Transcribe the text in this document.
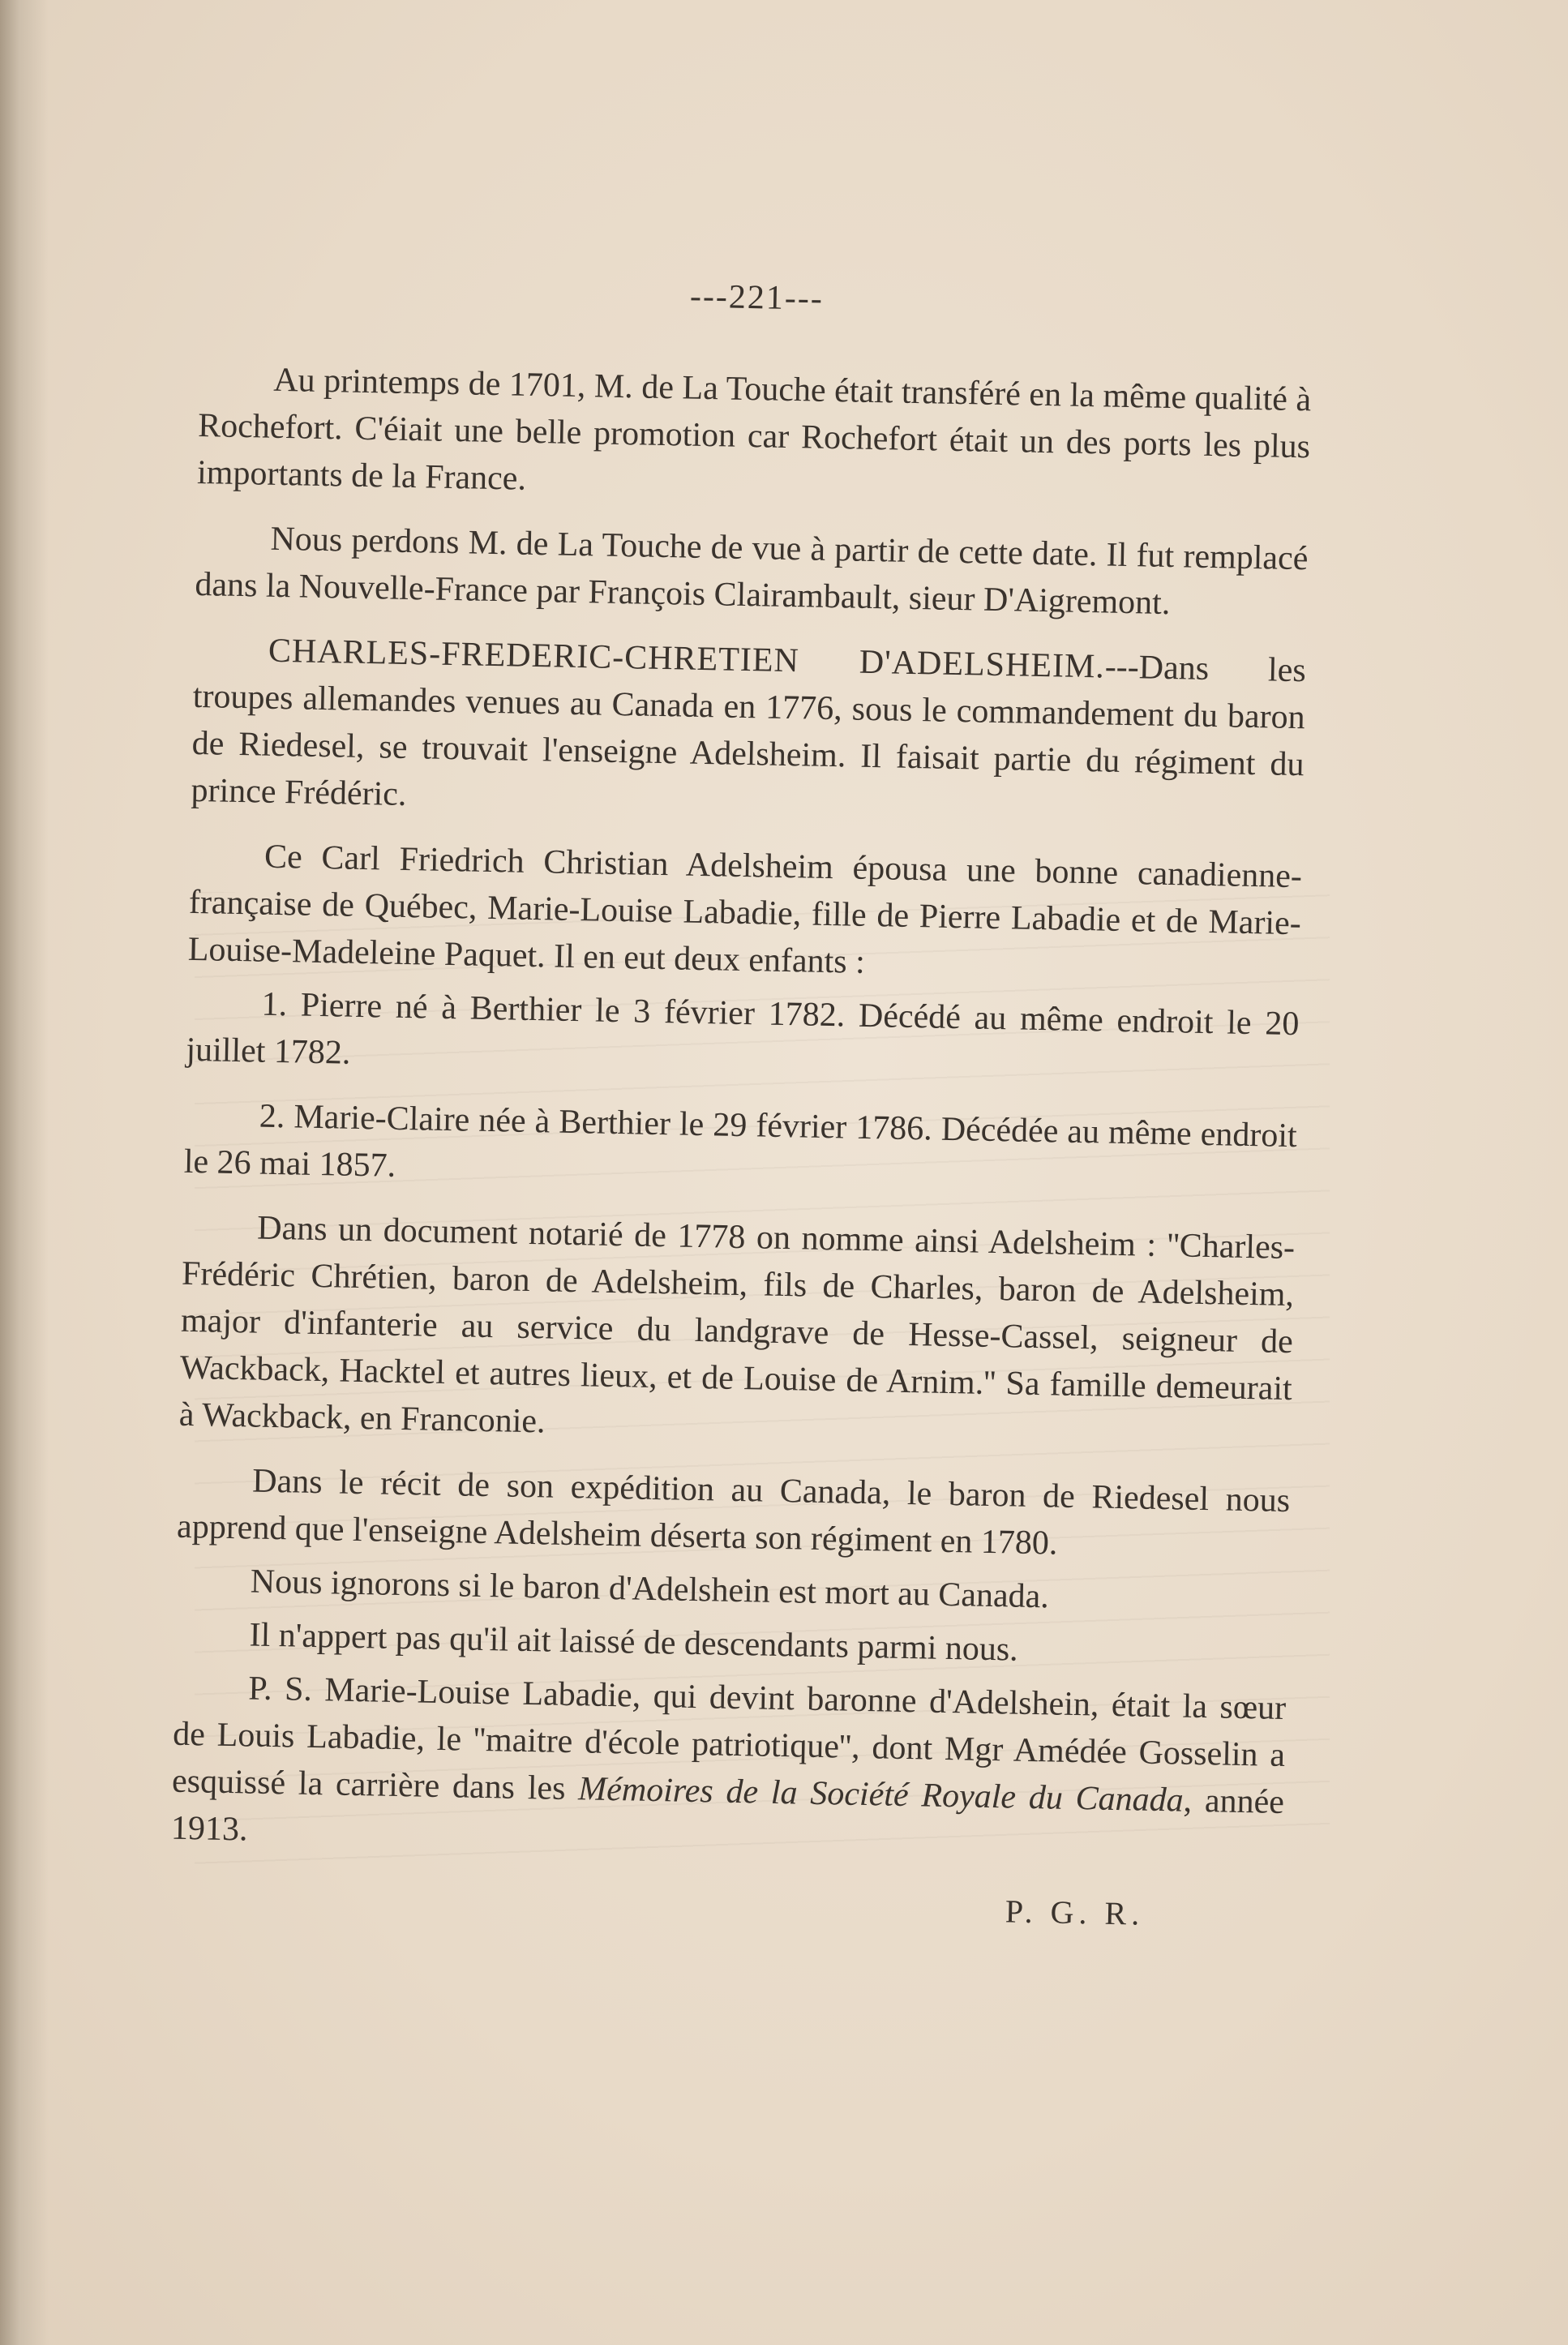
---221---

Au printemps de 1701, M. de La Touche était transféré en la même qualité à Rochefort. C'éiait une belle promotion car Rochefort était un des ports les plus importants de la France.

Nous perdons M. de La Touche de vue à partir de cette date. Il fut remplacé dans la Nouvelle-France par François Clairambault, sieur D'Aigremont.

CHARLES-FREDERIC-CHRETIEN D'ADELSHEIM.---Dans les troupes allemandes venues au Canada en 1776, sous le commandement du baron de Riedesel, se trouvait l'enseigne Adelsheim. Il faisait partie du régiment du prince Frédéric.

Ce Carl Friedrich Christian Adelsheim épousa une bonne canadienne-française de Québec, Marie-Louise Labadie, fille de Pierre Labadie et de Marie-Louise-Madeleine Paquet. Il en eut deux enfants :

1. Pierre né à Berthier le 3 février 1782. Décédé au même endroit le 20 juillet 1782.

2. Marie-Claire née à Berthier le 29 février 1786. Décédée au même endroit le 26 mai 1857.

Dans un document notarié de 1778 on nomme ainsi Adelsheim : ''Charles-Frédéric Chrétien, baron de Adelsheim, fils de Charles, baron de Adelsheim, major d'infanterie au service du landgrave de Hesse-Cassel, seigneur de Wackback, Hacktel et autres lieux, et de Louise de Arnim.'' Sa famille demeurait à Wackback, en Franconie.

Dans le récit de son expédition au Canada, le baron de Riedesel nous apprend que l'enseigne Adelsheim déserta son régiment en 1780.

Nous ignorons si le baron d'Adelshein est mort au Canada.

Il n'appert pas qu'il ait laissé de descendants parmi nous.

P. S. Marie-Louise Labadie, qui devint baronne d'Adelshein, était la sœur de Louis Labadie, le ''maitre d'école patriotique'', dont Mgr Amédée Gosselin a esquissé la carrière dans les Mémoires de la Société Royale du Canada, année 1913.

P. G. R.
